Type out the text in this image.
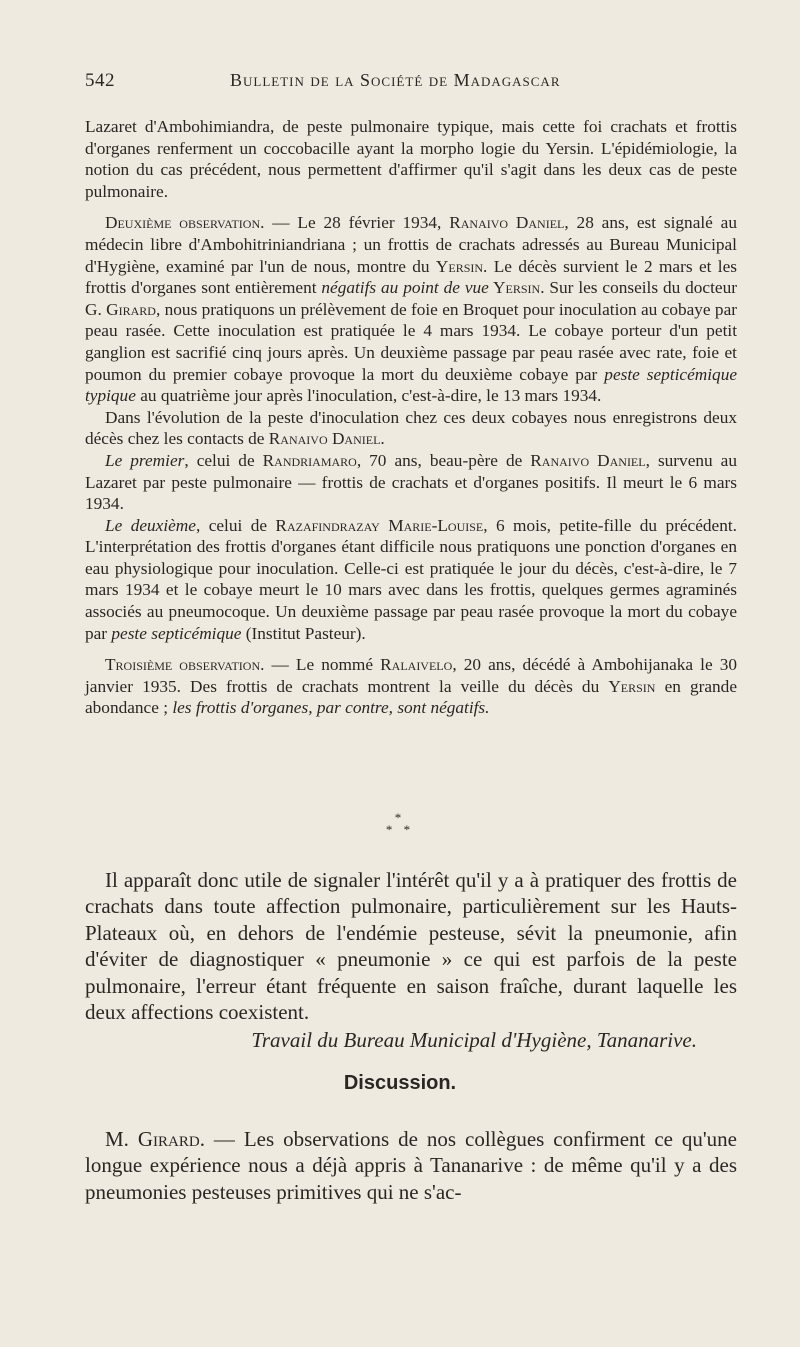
542	Bulletin de la Société de Madagascar

Lazaret d'Ambohimiandra, de peste pulmonaire typique, mais cette foi crachats et frottis d'organes renferment un coccobacille ayant la morpho logie du Yersin. L'épidémiologie, la notion du cas précédent, nous permettent d'affirmer qu'il s'agit dans les deux cas de peste pulmonaire.

Deuxième observation. — Le 28 février 1934, Ranaivo Daniel, 28 ans, est signalé au médecin libre d'Ambohitriniandriana ; un frottis de crachats adressés au Bureau Municipal d'Hygiène, examiné par l'un de nous, montre du Yersin. Le décès survient le 2 mars et les frottis d'organes sont entièrement négatifs au point de vue Yersin. Sur les conseils du docteur G. Girard, nous pratiquons un prélèvement de foie en Broquet pour inoculation au cobaye par peau rasée. Cette inoculation est pratiquée le 4 mars 1934. Le cobaye porteur d'un petit ganglion est sacrifié cinq jours après. Un deuxième passage par peau rasée avec rate, foie et poumon du premier cobaye provoque la mort du deuxième cobaye par peste septicémique typique au quatrième jour après l'inoculation, c'est-à-dire, le 13 mars 1934.

Dans l'évolution de la peste d'inoculation chez ces deux cobayes nous enregistrons deux décès chez les contacts de Ranaivo Daniel.

Le premier, celui de Randriamaro, 70 ans, beau-père de Ranaivo Daniel, survenu au Lazaret par peste pulmonaire — frottis de crachats et d'organes positifs. Il meurt le 6 mars 1934.

Le deuxième, celui de Razafindrazay Marie-Louise, 6 mois, petite-fille du précédent. L'interprétation des frottis d'organes étant difficile nous pratiquons une ponction d'organes en eau physiologique pour inoculation. Celle-ci est pratiquée le jour du décès, c'est-à-dire, le 7 mars 1934 et le cobaye meurt le 10 mars avec dans les frottis, quelques germes agraminés associés au pneumocoque. Un deuxième passage par peau rasée provoque la mort du cobaye par peste septicémique (Institut Pasteur).

Troisième observation. — Le nommé Ralaivelo, 20 ans, décédé à Ambohijanaka le 30 janvier 1935. Des frottis de crachats montrent la veille du décès du Yersin en grande abondance ; les frottis d'organes, par contre, sont négatifs.

*
* *

Il apparaît donc utile de signaler l'intérêt qu'il y a à pratiquer des frottis de crachats dans toute affection pulmonaire, particulièrement sur les Hauts-Plateaux où, en dehors de l'endémie pesteuse, sévit la pneumonie, afin d'éviter de diagnostiquer « pneumonie » ce qui est parfois de la peste pulmonaire, l'erreur étant fréquente en saison fraîche, durant laquelle les deux affections coexistent.

Travail du Bureau Municipal d'Hygiène, Tananarive.

Discussion.

M. Girard. — Les observations de nos collègues confirment ce qu'une longue expérience nous a déjà appris à Tananarive : de même qu'il y a des pneumonies pesteuses primitives qui ne s'ac-
